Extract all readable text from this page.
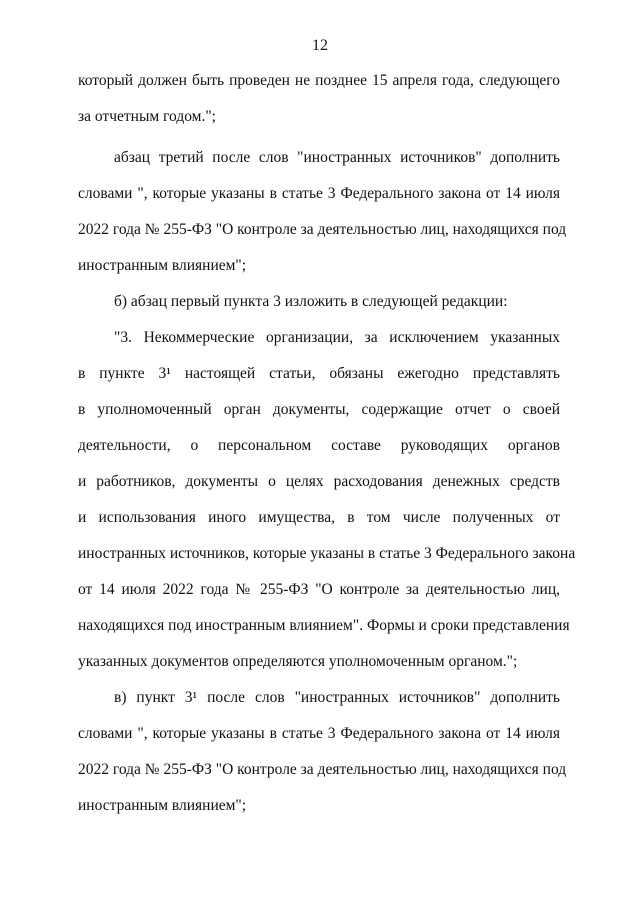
12
который должен быть проведен не позднее 15 апреля года, следующего
за отчетным годом.";
абзац третий после слов "иностранных источников" дополнить
словами ", которые указаны в статье 3 Федерального закона от 14 июля
2022 года № 255-ФЗ "О контроле за деятельностью лиц, находящихся под
иностранным влиянием";
б) абзац первый пункта 3 изложить в следующей редакции:
"3. Некоммерческие организации, за исключением указанных
в пункте 3¹ настоящей статьи, обязаны ежегодно представлять
в уполномоченный орган документы, содержащие отчет о своей
деятельности, о персональном составе руководящих органов
и работников, документы о целях расходования денежных средств
и использования иного имущества, в том числе полученных от
иностранных источников, которые указаны в статье 3 Федерального закона
от 14 июля 2022 года № 255-ФЗ "О контроле за деятельностью лиц,
находящихся под иностранным влиянием". Формы и сроки представления
указанных документов определяются уполномоченным органом.";
в) пункт 3¹ после слов "иностранных источников" дополнить
словами ", которые указаны в статье 3 Федерального закона от 14 июля
2022 года № 255-ФЗ "О контроле за деятельностью лиц, находящихся под
иностранным влиянием";
